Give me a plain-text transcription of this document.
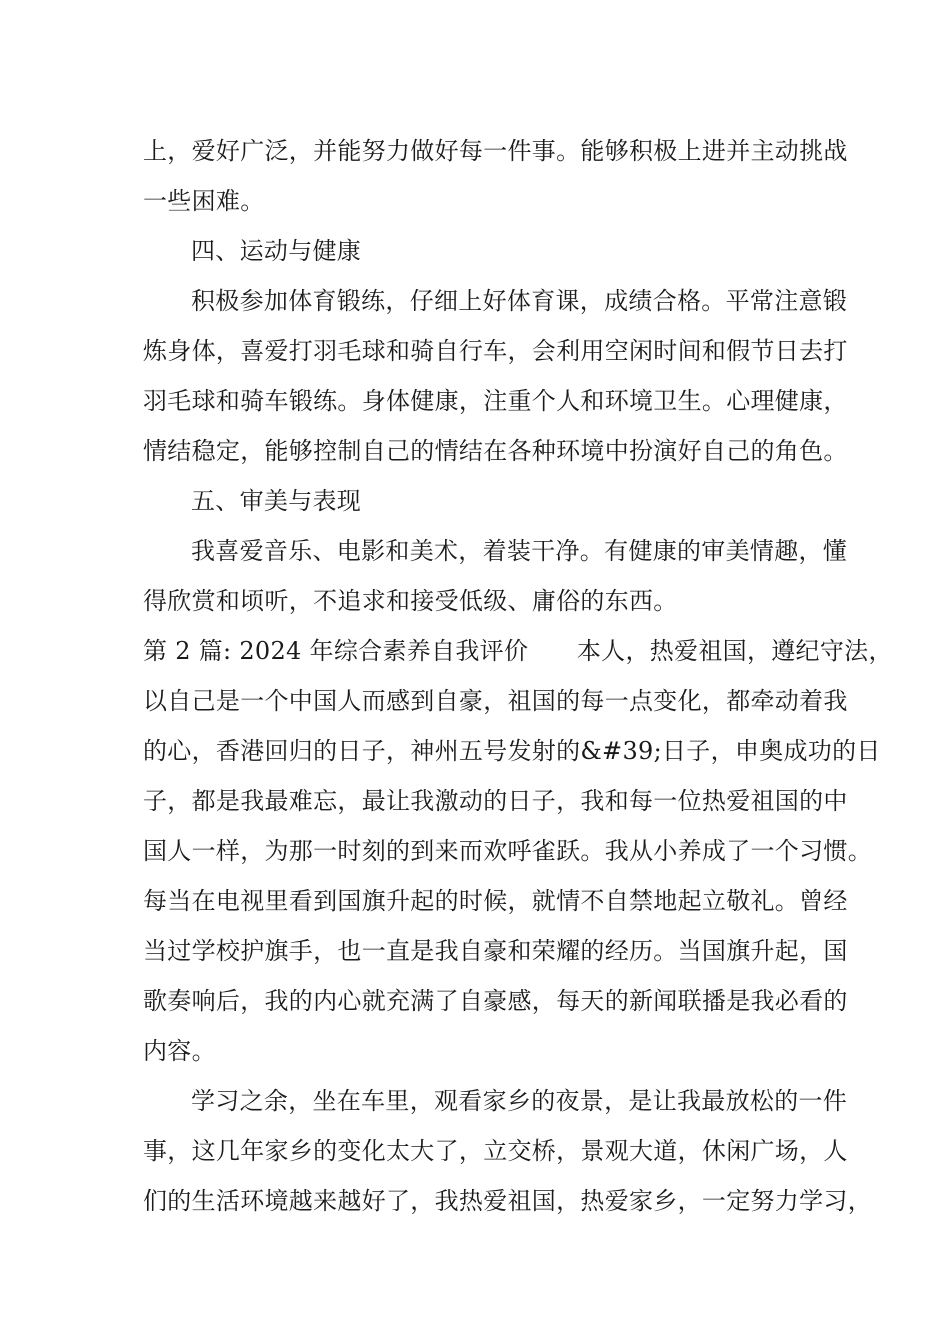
上，爱好广泛，并能努力做好每一件事。能够积极上进并主动挑战
一些困难。
四、运动与健康
积极参加体育锻练，仔细上好体育课，成绩合格。平常注意锻
炼身体，喜爱打羽毛球和骑自行车，会利用空闲时间和假节日去打
羽毛球和骑车锻练。身体健康，注重个人和环境卫生。心理健康，
情结稳定，能够控制自己的情结在各种环境中扮演好自己的角色。
五、审美与表现
我喜爱音乐、电影和美术，着装干净。有健康的审美情趣，懂
得欣赏和顷听，不追求和接受低级、庸俗的东西。
第 2 篇: 2024 年综合素养自我评价　　本人，热爱祖国，遵纪守法，
以自己是一个中国人而感到自豪，祖国的每一点变化，都牵动着我
的心，香港回归的日子，神州五号发射的&#39;日子，申奥成功的日
子，都是我最难忘，最让我激动的日子，我和每一位热爱祖国的中
国人一样，为那一时刻的到来而欢呼雀跃。我从小养成了一个习惯。
每当在电视里看到国旗升起的时候，就情不自禁地起立敬礼。曾经
当过学校护旗手，也一直是我自豪和荣耀的经历。当国旗升起，国
歌奏响后，我的内心就充满了自豪感，每天的新闻联播是我必看的
内容。
学习之余，坐在车里，观看家乡的夜景，是让我最放松的一件
事，这几年家乡的变化太大了，立交桥，景观大道，休闲广场，人
们的生活环境越来越好了，我热爱祖国，热爱家乡，一定努力学习，
